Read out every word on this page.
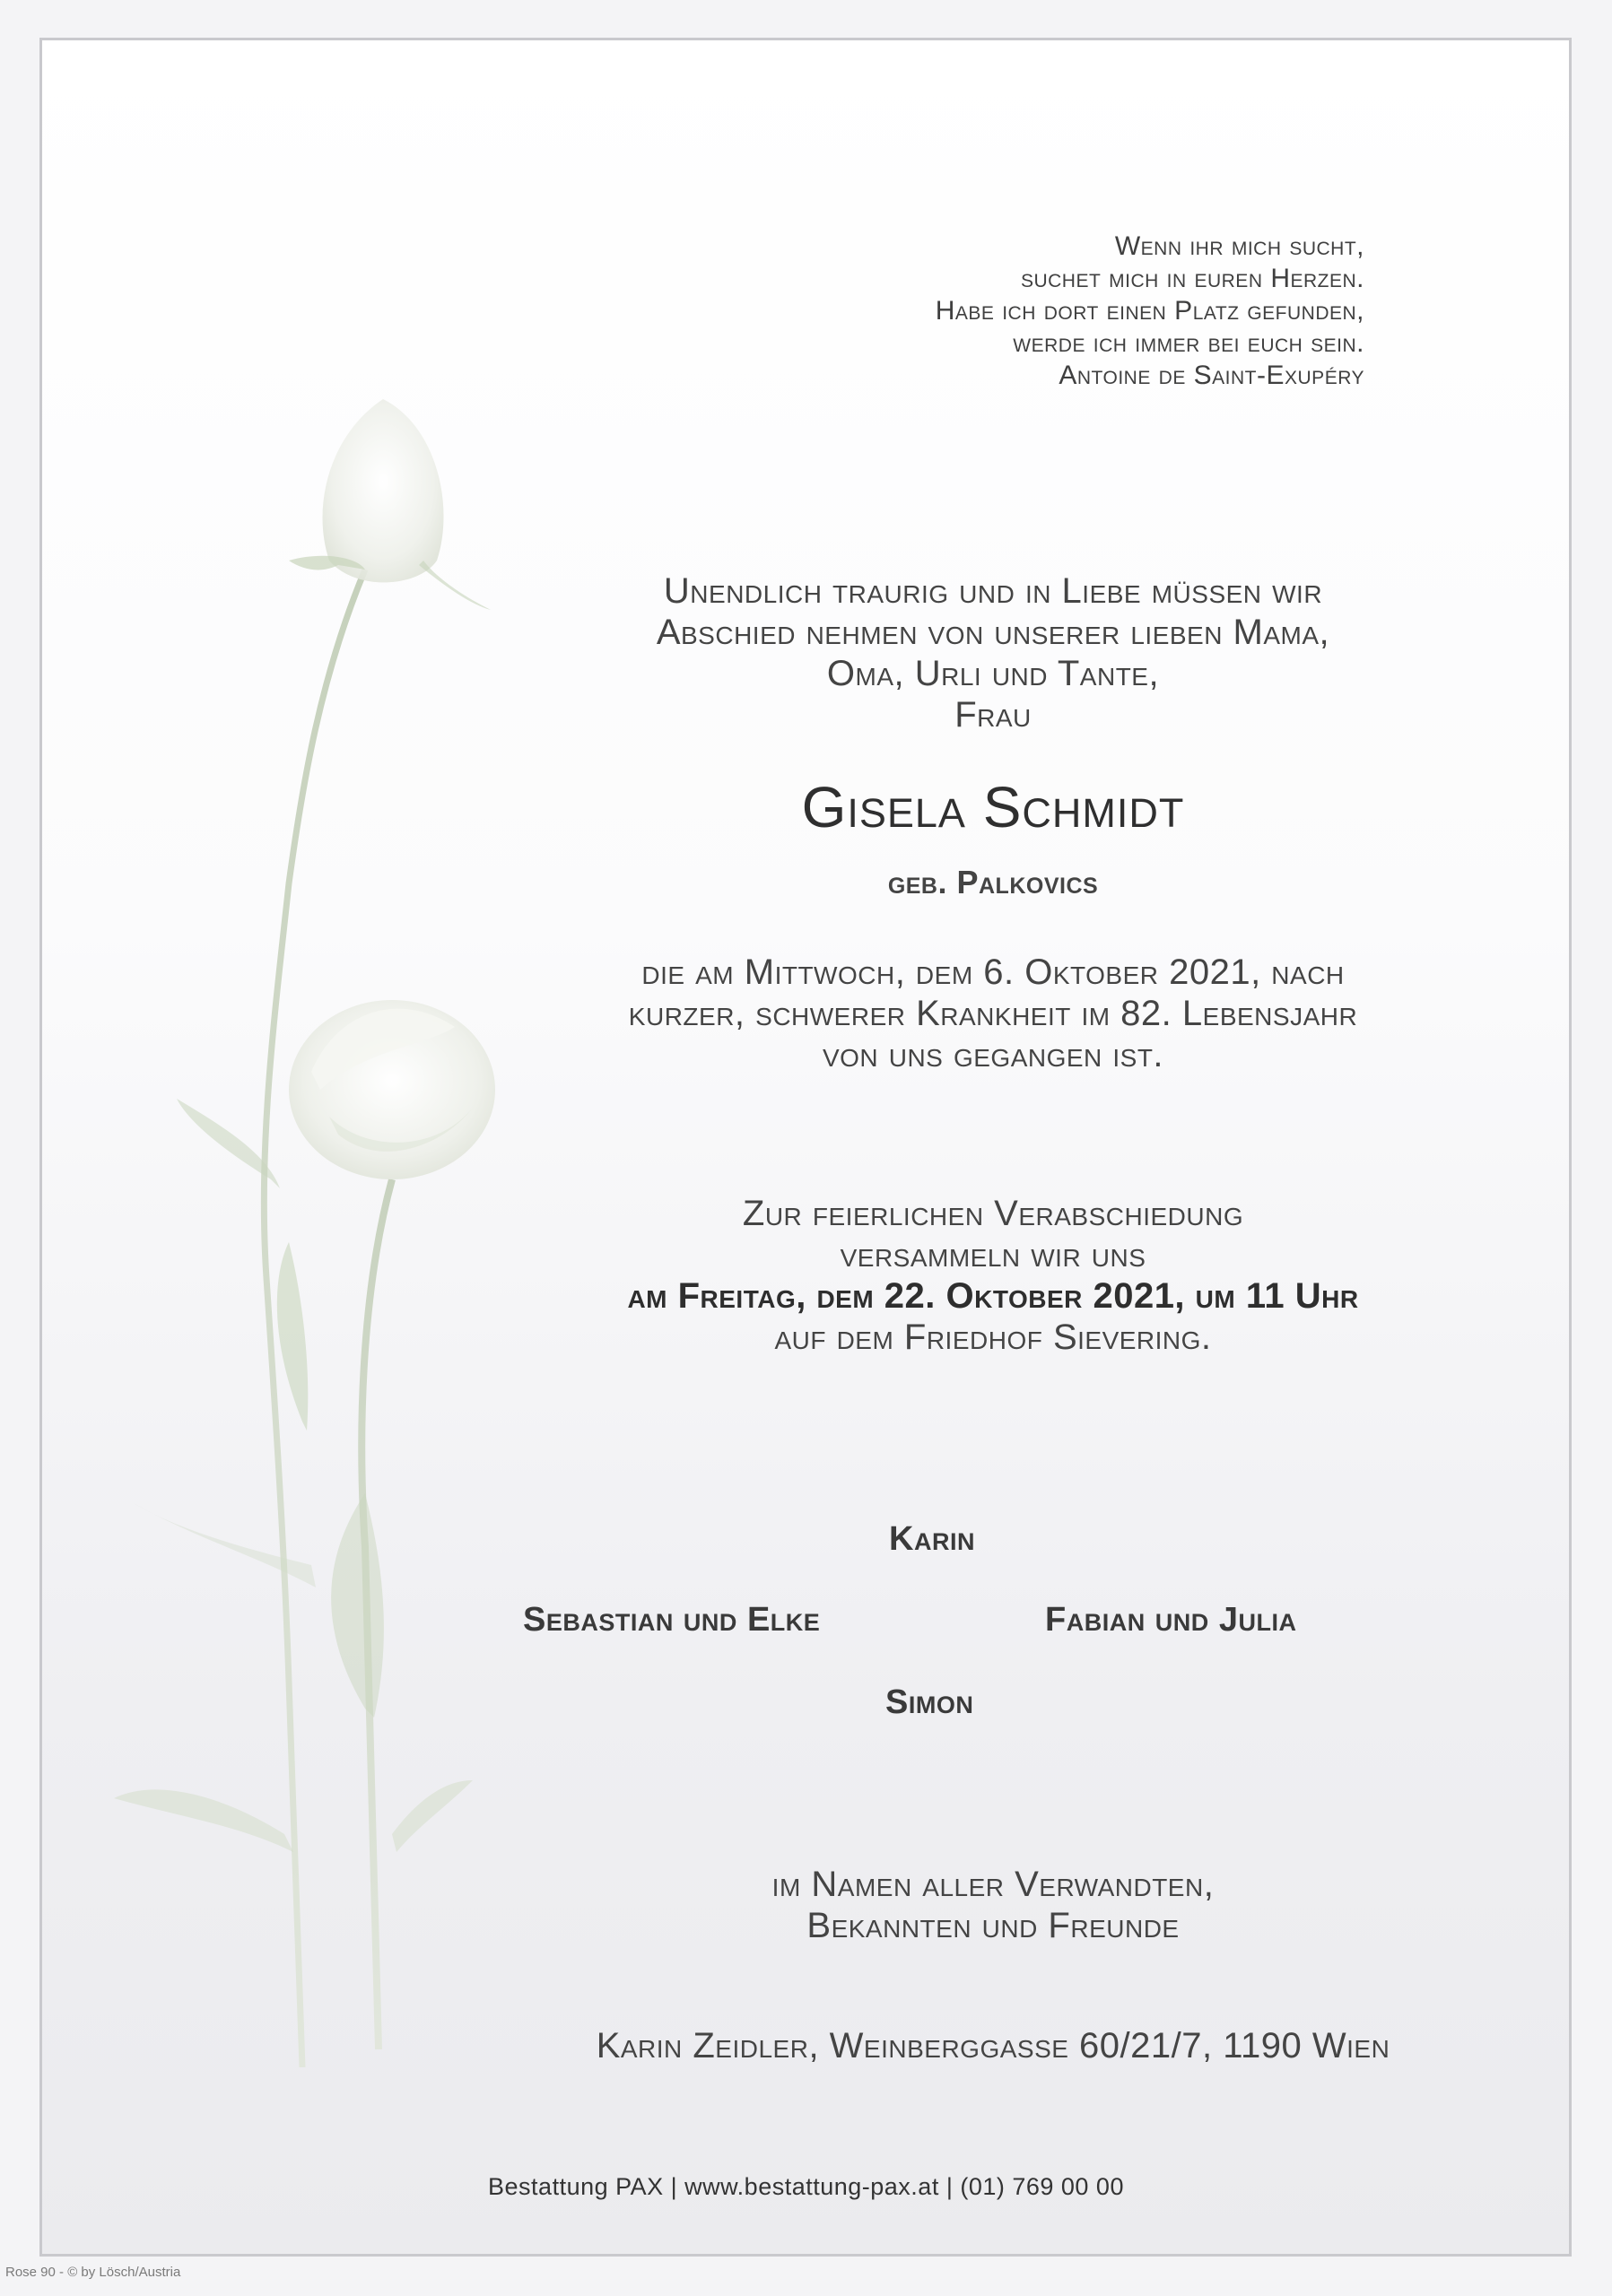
Wenn ihr mich sucht,
suchet mich in euren Herzen.
Habe ich dort einen Platz gefunden,
werde ich immer bei euch sein.
Antoine de Saint-Exupéry
Unendlich traurig und in Liebe müssen wir
Abschied nehmen von unserer lieben Mama,
Oma, Urli und Tante,
Frau
Gisela Schmidt
geb. Palkovics
die am Mittwoch, dem 6. Oktober 2021, nach
kurzer, schwerer Krankheit im 82. Lebensjahr
von uns gegangen ist.
Zur feierlichen Verabschiedung
versammeln wir uns
am Freitag, dem 22. Oktober 2021, um 11 Uhr
auf dem Friedhof Sievering.
Karin
Sebastian und Elke	Fabian und Julia
Simon
im Namen aller Verwandten,
Bekannten und Freunde
Karin Zeidler, Weinberggasse 60/21/7, 1190 Wien
Bestattung PAX | www.bestattung-pax.at | (01) 769 00 00
Rose 90 - © by Lösch/Austria
